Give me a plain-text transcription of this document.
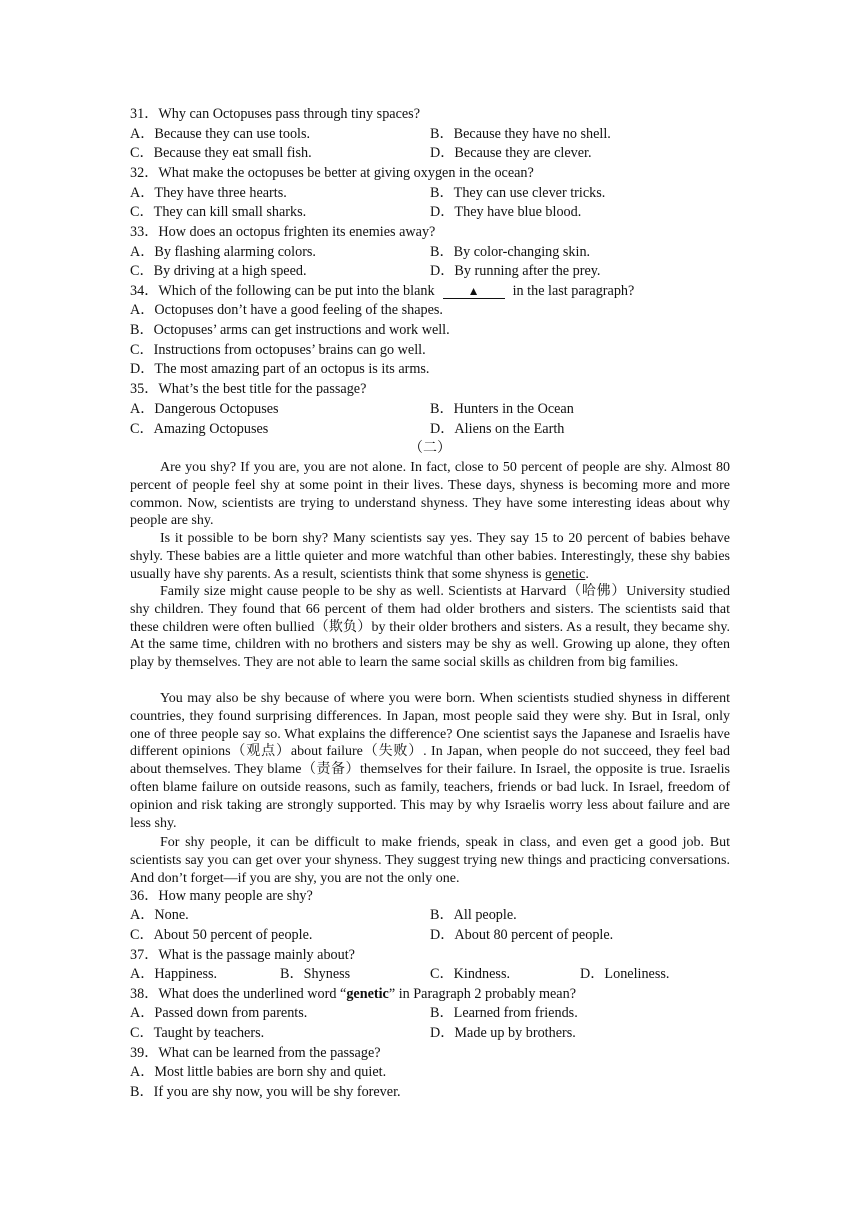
31．Why can Octopuses pass through tiny spaces?
A．Because they can use tools.	B．Because they have no shell.
C．Because they eat small fish.	D．Because they are clever.
32．What make the octopuses be better at giving oxygen in the ocean?
A．They have three hearts.	B．They can use clever tricks.
C．They can kill small sharks.	D．They have blue blood.
33．How does an octopus frighten its enemies away?
A．By flashing alarming colors.	B．By color-changing skin.
C．By driving at a high speed.	D．By running after the prey.
34．Which of the following can be put into the blank	▲ in the last paragraph?
A．Octopuses don’t have a good feeling of the shapes.
B．Octopuses’ arms can get instructions and work well.
C．Instructions from octopuses’ brains can go well.
D．The most amazing part of an octopus is its arms.
35．What’s the best title for the passage?
A．Dangerous Octopuses	B．Hunters in the Ocean
C．Amazing Octopuses	D．Aliens on the Earth
（二）
Are you shy? If you are, you are not alone. In fact, close to 50 percent of people are shy. Almost 80 percent of people feel shy at some point in their lives. These days, shyness is becoming more and more common. Now, scientists are trying to understand shyness. They have some interesting ideas about why people are shy.
Is it possible to be born shy? Many scientists say yes. They say 15 to 20 percent of babies behave shyly. These babies are a little quieter and more watchful than other babies. Interestingly, these shy babies usually have shy parents. As a result, scientists think that some shyness is genetic.
Family size might cause people to be shy as well. Scientists at Harvard（哈佛）University studied shy children. They found that 66 percent of them had older brothers and sisters. The scientists said that these children were often bullied（欺负）by their older brothers and sisters. As a result, they became shy. At the same time, children with no brothers and sisters may be shy as well. Growing up alone, they often play by themselves. They are not able to learn the same social skills as children from big families.
You may also be shy because of where you were born. When scientists studied shyness in different countries, they found surprising differences. In Japan, most people said they were shy. But in Isral, only one of three people say so. What explains the difference? One scientist says the Japanese and Israelis have different opinions（观点）about failure（失败）. In Japan, when people do not succeed, they feel bad about themselves. They blame（责备）themselves for their failure. In Israel, the opposite is true. Israelis often blame failure on outside reasons, such as family, teachers, friends or bad luck. In Israel, freedom of opinion and risk taking are strongly supported. This may by why Israelis worry less about failure and are less shy.
For shy people, it can be difficult to make friends, speak in class, and even get a good job. But scientists say you can get over your shyness. They suggest trying new things and practicing conversations. And don’t forget—if you are shy, you are not the only one.
36．How many people are shy?
A．None.	B．All people.
C．About 50 percent of people.	D．About 80 percent of people.
37．What is the passage mainly about?
A．Happiness.	B．Shyness	C．Kindness.	D．Loneliness.
38．What does the underlined word “genetic” in Paragraph 2 probably mean?
A．Passed down from parents.	B．Learned from friends.
C．Taught by teachers.	D．Made up by brothers.
39．What can be learned from the passage?
A．Most little babies are born shy and quiet.
B．If you are shy now, you will be shy forever.
